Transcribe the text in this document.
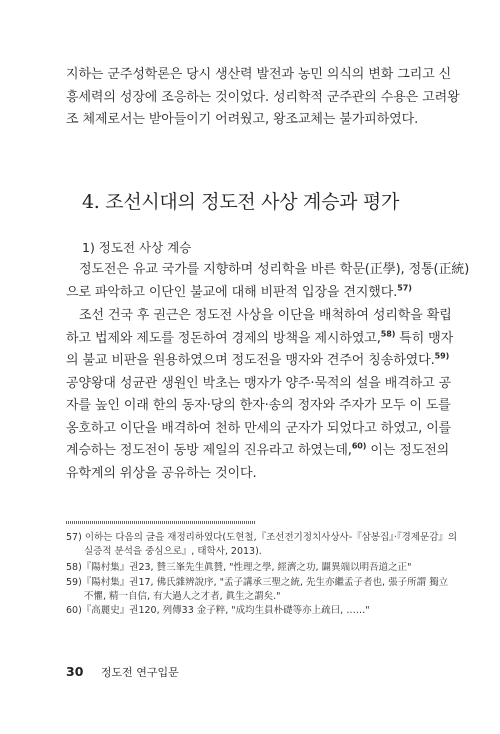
지하는 군주성학론은 당시 생산력 발전과 농민 의식의 변화 그리고 신
흥세력의 성장에 조응하는 것이었다. 성리학적 군주관의 수용은 고려왕
조 체제로서는 받아들이기 어려웠고, 왕조교체는 불가피하였다.

4. 조선시대의 정도전 사상 계승과 평가
1) 정도전 사상 계승

정도전은 유교 국가를 지향하며 성리학을 바른 학문(正學), 정통(正統)
으로 파악하고 이단인 불교에 대해 비판적 입장을 견지했다.$^{57)}$

조선 건국 후 권근은 정도전 사상을 이단을 배척하여 성리학을 확립
하고 법제와 제도를 정돈하여 경제의 방책을 제시하였고,$^{58)}$ 특히 맹자
의 불교 비판을 원용하였으며 정도전을 맹자와 견주어 칭송하였다.$^{59)}$
공양왕대 성균관 생원인 박초는 맹자가 양주·묵적의 설을 배격하고 공
자를 높인 이래 한의 동자·당의 한자·송의 정자와 주자가 모두 이 도를
옹호하고 이단을 배격하여 천하 만세의 군자가 되었다고 하였고, 이를
계승하는 정도전이 동방 제일의 진유라고 하였는데,$^{60)}$ 이는 정도전의
유학계의 위상을 공유하는 것이다.

57) 이하는 다음의 글을 재정리하였다(도현철,『조선전기정치사상사-『삼봉집』·『경제문감』의
실증적 분석을 중심으로』, 태학사, 2013).
58)『陽村集』권23, 贊三峯先生眞贊, "性理之學, 經濟之功, 闢異端以明吾道之正"
59)『陽村集』권17, 佛氏雜辨說序, "孟子講承三聖之統, 先生亦繼孟子者也, 張子所謂 獨立
不懼, 精一自信, 有大過人之才者, 眞生之謂矣."
60)『高麗史』권120, 列傳33 金子粹, "成均生員朴礎等亦上疏曰, ……"
30 정도전 연구입문
